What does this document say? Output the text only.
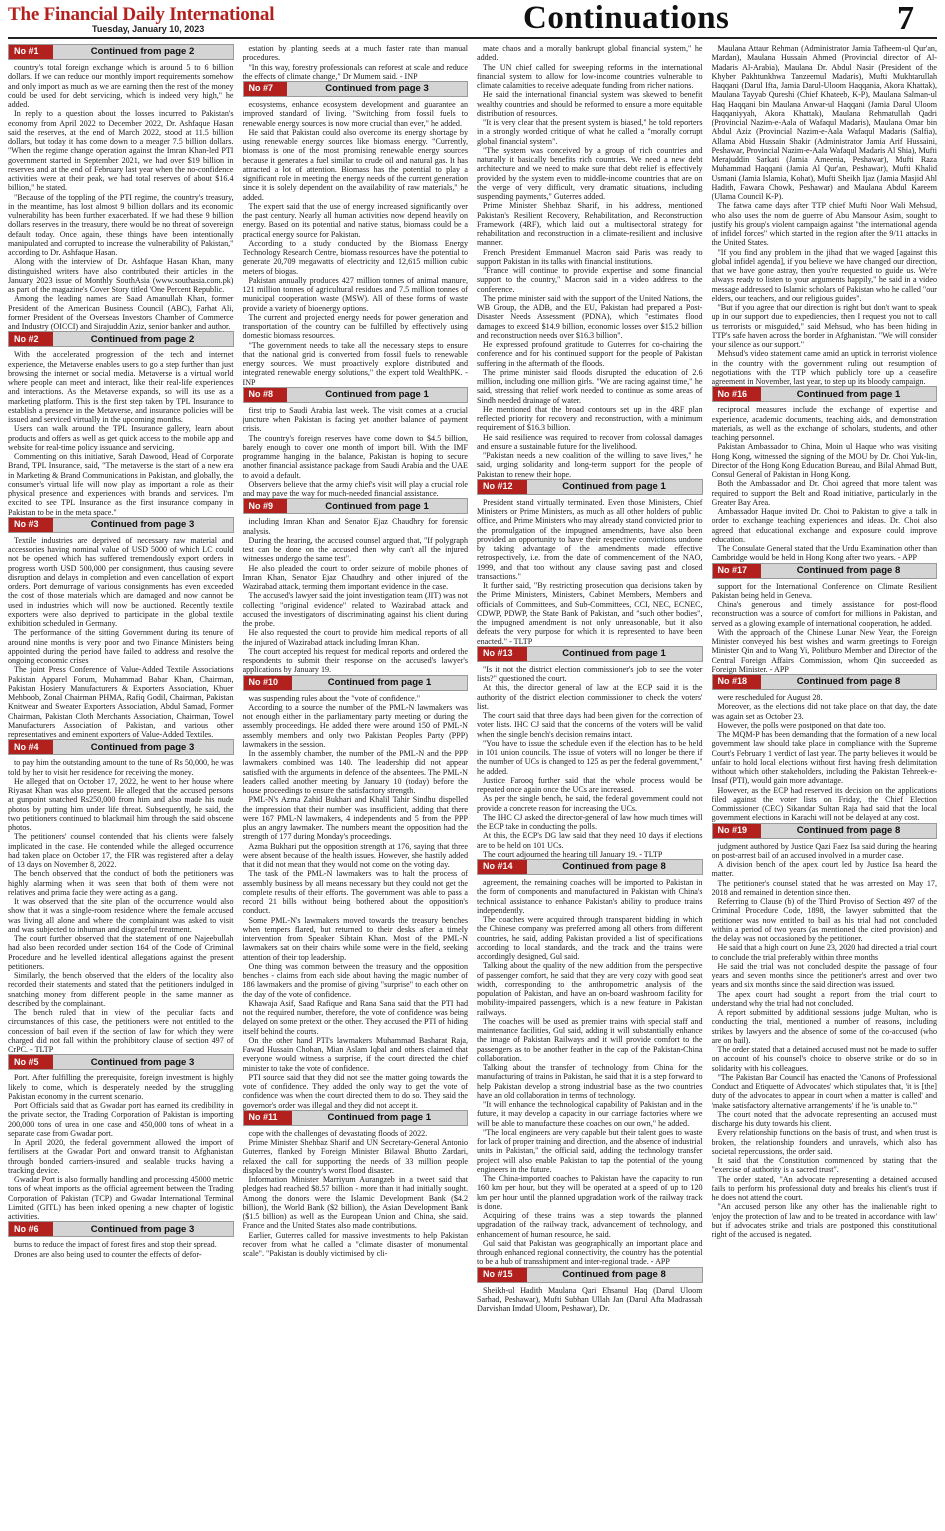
The Financial Daily International
Tuesday, January 10, 2023	Continuations	7
No #1	Continued from page 2

country's total foreign exchange which is around 5 to 6 billion dollars. If we can reduce our monthly import requirements somehow and only import as much as we are earning then the rest of the money could be used for debt servicing, which is indeed very high," he added.

In reply to a question about the losses incurred to Pakistan's economy from April 2022 to December 2022, Dr. Ashfaque Hasan said the reserves, at the end of March 2022, stood at 11.5 billion dollars, but today it has come down to a meager 7.5 billion dollars. "When the regime change operation against the Imran Khan-led PTI government started in September 2021, we had over $19 billion in reserves and at the end of February last year when the no-confidence activities were at their peak, we had total reserves of about $16.4 billion," he stated.

"Because of the toppling of the PTI regime, the country's treasury, in the meantime, has lost almost 9 billion dollars and its economic vulnerability has been further exacerbated. If we had these 9 billion dollars reserves in the treasury, there would be no threat of sovereign default today. Once again, these things have been intentionally manipulated and corrupted to increase the vulnerability of Pakistan," according to Dr. Ashfaque Hasan.

Along with the interview of Dr. Ashfaque Hasan Khan, many distinguished writers have also contributed their articles in the January 2023 issue of Monthly SouthAsia (www.southasia.com.pk) as part of the magazine's Cover Story titled 'One Percent Republic.

Among the leading names are Saad Amanullah Khan, former President of the American Business Council (ABC), Farhat Ali, former President of the Overseas Investors Chamber of Commerce and Industry (OICCI) and Sirajuddin Aziz, senior banker and author.

No #2	Continued from page 2

With the accelerated progression of the tech and internet experience, the Metaverse enables users to go a step further than just browsing the internet or social media. Metaverse is a virtual world where people can meet and interact, like their real-life experiences and interactions. As the Metaverse expands, so will its use as a marketing platform. This is the first step taken by TPL Insurance to establish a presence in the Metaverse, and insurance policies will be issued and serviced virtually in the upcoming months.

Users can walk around the TPL Insurance gallery, learn about products and offers as well as get quick access to the mobile app and website for real-time policy issuance and servicing.

Commenting on this initiative, Sarah Dawood, Head of Corporate Brand, TPL Insurance, said, "The metaverse is the start of a new era in Marketing & Brand Communications in Pakistan, and globally, the consumer's virtual life will now play as important a role as their physical presence and experiences with brands and services. I'm excited to see TPL Insurance as the first insurance company in Pakistan to be in the meta space."

No #3	Continued from page 3

Textile industries are deprived of necessary raw material and accessories having nominal value of USD 5000 of which LC could not be opened which has suffered tremendously export orders in progress worth USD 500,000 per consignment, thus causing severe disruption and delays in completion and even cancellation of export orders. Port demurrage of various consignments has even exceeded the cost of those materials which are damaged and now cannot be used in industries which will now be auctioned. Recently textile exporters were also deprived to participate in the global textile exhibition scheduled in Germany.

The performance of the sitting Government during its tenure of around nine months is very poor and two Finance Ministers being appointed during the period have failed to address and resolve the ongoing economic crises

The joint Press Conference of Value-Added Textile Associations Pakistan Apparel Forum, Muhammad Babar Khan, Chairman, Pakistan Hosiery Manufacturers & Exporters Association, Khuer Mehboob, Zonal Chairman PHMA, Rafiq Godil, Chairman, Pakistan Knitwear and Sweater Exporters Association, Abdul Samad, Former Chairman, Pakistan Cloth Merchants Association, Chairman, Towel Manufacturers Association of Pakistan, and various other representatives and eminent exporters of Value-Added Textiles.

No #4	Continued from page 3

to pay him the outstanding amount to the tune of Rs 50,000, he was told by her to visit her residence for receiving the money.

He alleged that on October 17, 2022, he went to her house where Riyasat Khan was also present. He alleged that the accused persons at gunpoint snatched Rs250,000 from him and also made his nude photos by putting him under life threat. Subsequently, he said, the two petitioners continued to blackmail him through the said obscene photos.

The petitioners' counsel contended that his clients were falsely implicated in the case. He contended while the alleged occurrence had taken place on October 17, the FIR was registered after a delay of 13 days on November 8, 2022.

The bench observed that the conduct of both the petitioners was highly alarming when it was seen that both of them were not relatives and prima facie they were acting as a gang.

It was observed that the site plan of the occurrence would also show that it was a single-room residence where the female accused was living all alone and where the complainant was asked to visit and was subjected to inhuman and disgraceful treatment.

The court further observed that the statement of one Najeebullah had also been recorded under section 164 of the Code of Criminal Procedure and he levelled identical allegations against the present petitioners.

Similarly, the bench observed that the elders of the locality also recorded their statements and stated that the petitioners indulged in snatching money from different people in the same manner as described by the complainant.

The bench ruled that in view of the peculiar facts and circumstances of this case, the petitioners were not entitled to the concession of bail even if the section of law for which they were charged did not fall within the prohibitory clause of section 497 of CrPC. - TLTP

No #5	Continued from page 3

Port. After fulfilling the prerequisite, foreign investment is highly likely to come, which is desperately needed by the struggling Pakistan economy in the current scenario.

Port Officials said that as Gwadar port has earned its credibility in the private sector, the Trading Corporation of Pakistan is importing 200,000 tons of urea in one case and 450,000 tons of wheat in a separate case from Gwadar port.

In April 2020, the federal government allowed the import of fertilisers at the Gwadar Port and onward transit to Afghanistan through bonded carriers-insured and sealable trucks having a tracking device.

Gwadar Port is also formally handling and processing 45000 metric tons of wheat imports as the official agreement between the Trading Corporation of Pakistan (TCP) and Gwadar International Terminal Limited (GITL) has been inked opening a new chapter of logistic activities.

No #6	Continued from page 3

burns to reduce the impact of forest fires and stop their spread.

Drones are also being used to counter the effects of defor-

estation by planting seeds at a much faster rate than manual procedures.

"In this way, forestry professionals can reforest at scale and reduce the effects of climate change," Dr Mumem said. - INP

No #7	Continued from page 3

ecosystems, enhance ecosystem development and guarantee an improved standard of living. "Switching from fossil fuels to renewable energy sources is now more crucial than ever," he added.

He said that Pakistan could also overcome its energy shortage by using renewable energy sources like biomass energy. "Currently, biomass is one of the most promising renewable energy sources because it generates a fuel similar to crude oil and natural gas. It has attracted a lot of attention. Biomass has the potential to play a significant role in meeting the energy needs of the current generation since it is solely dependent on the availability of raw materials," he added.

The expert said that the use of energy increased significantly over the past century. Nearly all human activities now depend heavily on energy. Based on its potential and native status, biomass could be a practical energy source for Pakistan.

According to a study conducted by the Biomass Energy Technology Research Centre, biomass resources have the potential to generate 20,709 megawatts of electricity and 12,615 million cubic meters of biogas.

Pakistan annually produces 427 million tonnes of animal manure, 121 million tonnes of agricultural residues and 7.5 million tonnes of municipal cooperation waste (MSW). All of these forms of waste provide a variety of bioenergy options.

The current and projected energy needs for power generation and transportation of the country can be fulfilled by effectively using domestic biomass resources.

"The government needs to take all the necessary steps to ensure that the national grid is converted from fossil fuels to renewable energy sources. We must proactively explore distributed and integrated renewable energy solutions," the expert told WealthPK. - INP

No #8	Continued from page 1

first trip to Saudi Arabia last week. The visit comes at a crucial juncture when Pakistan is facing yet another balance of payment crisis.

The country's foreign reserves have come down to $4.5 billion, barely enough to cover one month of import bill. With the IMF programme hanging in the balance, Pakistan is hoping to secure another financial assistance package from Saudi Arabia and the UAE to avoid a default.

Observers believe that the army chief's visit will play a crucial role and may pave the way for much-needed financial assistance.

No #9	Continued from page 1

including Imran Khan and Senator Ejaz Chaudhry for forensic analysis.

During the hearing, the accused counsel argued that, "If polygraph test can be done on the accused then why can't all the injured witnesses undergo the same test".

He also pleaded the court to order seizure of mobile phones of Imran Khan, Senator Ejaz Chaudhry and other injured of the Wazirabad attack, terming them important evidence in the case.

The accused's lawyer said the joint investigation team (JIT) was not collecting "original evidence" related to Wazirabad attack and accused the investigators of discriminating against his client during the probe.

He also requested the court to provide him medical reports of all the injured of Wazirabad attack including Imran Khan.

The court accepted his request for medical reports and ordered the respondents to submit their response on the accused's lawyer's applications by January 19.

No #10	Continued from page 1

was suspending rules about the "vote of confidence."

According to a source the number of the PML-N lawmakers was not enough either in the parliamentary party meeting or during the assembly proceedings. He added there were around 150 of PML-N assembly members and only two Pakistan Peoples Party (PPP) lawmakers in the session.

In the assembly chamber, the number of the PML-N and the PPP lawmakers combined was 140. The leadership did not appear satisfied with the arguments in defence of the absentees. The PML-N leaders called another meeting by January 10 (today) before the house proceedings to ensure the satisfactory strength.

PML-N's Azma Zahid Bukhari and Khalil Tahir Sindhu dispelled the impression that their number was insufficient, adding that there were 167 PML-N lawmakers, 4 independents and 5 from the PPP plus an angry lawmaker. The numbers meant the opposition had the strength of 177 during Monday's proceedings.

Azma Bukhari put the opposition strength at 176, saying that three were absent because of the health issues. However, she hastily added that it did not mean that they would not come on the voting day.

The task of the PML-N lawmakers was to halt the process of assembly business by all means necessary but they could not get the complete results of their efforts. The government was able to pass a record 21 bills without being bothered about the opposition's conduct.

Some PML-N's lawmakers moved towards the treasury benches when tempers flared, but returned to their desks after a timely intervention from Speaker Sibtain Khan. Most of the PML-N lawmakers sat on their chairs while some were in the field, seeking attention of their top leadership.

One thing was common between the treasury and the opposition benches - claims from each side about having the magic number of 186 lawmakers and the promise of giving "surprise" to each other on the day of the vote of confidence.

Khawaja Asif, Saad Rafique and Rana Sana said that the PTI had not the required number, therefore, the vote of confidence was being delayed on some pretext or the other. They accused the PTI of hiding itself behind the courts.

On the other hand PTI's lawmakers Muhammad Basharat Raja, Fawad Hussain Chohan, Mian Aslam Iqbal and others claimed that everyone would witness a surprise, if the court directed the chief minister to take the vote of confidence.

PTI source said that they did not see the matter going towards the vote of confidence. They added the only way to get the vote of confidence was when the court directed them to do so. They said the governor's order was illegal and they did not accept it.

No #11	Continued from page 1

cope with the challenges of devastating floods of 2022.

Prime Minister Shehbaz Sharif and UN Secretary-General Antonio Guterres, flanked by Foreign Minister Bilawal Bhutto Zardari, relaxed the call for supporting the needs of 33 million people displaced by the country's worst flood disaster.

Information Minister Marriyum Aurangzeb in a tweet said that pledges had reached $8.57 billion - more than it had initially sought. Among the donors were the Islamic Development Bank ($4.2 billion), the World Bank ($2 billion), the Asian Development Bank ($1.5 billion) as well as the European Union and China, she said. France and the United States also made contributions.

Earlier, Guterres called for massive investments to help Pakistan recover from what he called a "climate disaster of monumental scale". "Pakistan is doubly victimised by cli-

mate chaos and a morally bankrupt global financial system," he added.

The UN chief called for sweeping reforms in the international financial system to allow for low-income countries vulnerable to climate calamities to receive adequate funding from richer nations.

He said the international financial system was skewed to benefit wealthy countries and should be reformed to ensure a more equitable distribution of resources.

"It is very clear that the present system is biased," he told reporters in a strongly worded critique of what he called a "morally corrupt global financial system".

"The system was conceived by a group of rich countries and naturally it basically benefits rich countries. We need a new debt architecture and we need to make sure that debt relief is effectively provided by the system even to middle-income countries that are on the verge of very difficult, very dramatic situations, including suspending payments," Guterres added.

Prime Minister Shehbaz Sharif, in his address, mentioned Pakistan's Resilient Recovery, Rehabilitation, and Reconstruction Framework (4RF), which laid out a multisectoral strategy for rehabilitation and reconstruction in a climate-resilient and inclusive manner.

French President Emmanuel Macron said Paris was ready to support Pakistan in its talks with financial institutions.

"France will continue to provide expertise and some financial support to the country," Macron said in a video address to the conference.

The prime minister said with the support of the United Nations, the WB Group, the ADB, and the EU, Pakistan had prepared a Post-Disaster Needs Assessment (PDNA), which "estimates flood damages to exceed $14.9 billion, economic losses over $15.2 billion and reconstruction needs over $16.3 billion".

He expressed profound gratitude to Guterres for co-chairing the conference and for his continued support for the people of Pakistan suffering in the aftermath of the floods.

The prime minister said floods disrupted the education of 2.6 million, including one million girls. "We are racing against time," he said, stressing that relief work needed to continue as some areas of Sindh needed drainage of water.

He mentioned that the broad contours set up in the 4RF plan reflected priority for recovery and reconstruction, with a minimum requirement of $16.3 billion.

He said resilience was required to recover from colossal damages and ensure a sustainable future for the livelihood.

"Pakistan needs a new coalition of the willing to save lives," he said, urging solidarity and long-term support for the people of Pakistan to renew their hope.

No #12	Continued from page 1

President stand virtually terminated. Even those Ministers, Chief Ministers or Prime Ministers, as much as all other holders of public office, and Prime Ministers who may already stand convicted prior to the promulgation of the impugned amendments, have also been provided an opportunity to have their respective convictions undone by taking advantage of the amendments made effective retrospectively, i.e. from the date of commencement of the NAO, 1999, and that too without any clause saving past and closed transactions."

It further said, "By restricting prosecution qua decisions taken by the Prime Ministers, Ministers, Cabinet Members, Members and officials of Committees, and Sub-Committees, CCI, NEC, ECNEC, CDWP, PDWP, the State Bank of Pakistan, and "such other bodies", the impugned amendment is not only unreasonable, but it also defeats the very purpose for which it is represented to have been enacted." - TLTP

No #13	Continued from page 1

"Is it not the district election commissioner's job to see the voter lists?" questioned the court.

At this, the director general of law at the ECP said it is the authority of the district election commissioner to check the voters' list.

The court said that three days had been given for the correction of voter lists. IHC CJ said that the concerns of the voters will be valid when the single bench's decision remains intact.

"You have to issue the schedule even if the election has to be held in 101 union councils. The issue of voters will no longer be there if the number of UCs is changed to 125 as per the federal government," he added.

Justice Farooq further said that the whole process would be repeated once again once the UCs are increased.

As per the single bench, he said, the federal government could not provide a concrete reason for increasing the UCs.

The IHC CJ asked the director-general of law how much times will the ECP take in conducting the polls.

At this, the ECP's DG law said that they need 10 days if elections are to be held on 101 UCs.

The court adjourned the hearing till January 19. - TLTP

No #14	Continued from page 8

agreement, the remaining coaches will be imported to Pakistan in the form of components and manufactured in Pakistan with China's technical assistance to enhance Pakistan's ability to produce trains independently.

The coaches were acquired through transparent bidding in which the Chinese company was preferred among all others from different countries, he said, adding Pakistan provided a list of specifications according to local standards, and the track and the trains were accordingly designed, Gul said.

Talking about the quality of the new addition from the perspective of passenger comfort, he said that they are very cozy with good seat width, corresponding to the anthropometric analysis of the population of Pakistan, and have an on-board washroom facility for mobility-impaired passengers, which is a new feature in Pakistan railways.

The coaches will be used as premier trains with special staff and maintenance facilities, Gul said, adding it will substantially enhance the image of Pakistan Railways and it will provide comfort to the passengers as to be another feather in the cap of the Pakistan-China collaboration.

Talking about the transfer of technology from China for the manufacturing of trains in Pakistan, he said that it is a step forward to help Pakistan develop a strong industrial base as the two countries have an old collaboration in terms of technology.

"It will enhance the technological capability of Pakistan and in the future, it may develop a capacity in our carriage factories where we will be able to manufacture these coaches on our own," he added.

"The local engineers are very capable but their talent goes to waste for lack of proper training and direction, and the absence of industrial units in Pakistan," the official said, adding the technology transfer project will also enable Pakistan to tap the potential of the young engineers in the future.

The China-imported coaches to Pakistan have the capacity to run 160 km per hour, but they will be operated at a speed of up to 120 km per hour until the planned upgradation work of the railway track is done.

Acquiring of these trains was a step towards the planned upgradation of the railway track, advancement of technology, and enhancement of human resource, he said.

Gul said that Pakistan was geographically an important place and through enhanced regional connectivity, the country has the potential to be a hub of transshipment and inter-regional trade. - APP

No #15	Continued from page 8

Sheikh-ul Hadith Maulana Qari Ehsanul Haq (Darul Uloom Sarhad, Peshawar), Mufti Subhan Ullah Jan (Darul Afta Madrassah Darvishan Imdad Uloom, Peshawar), Dr.

Maulana Attaur Rehman (Administrator Jamia Tafheem-ul Qur'an, Mardan), Maulana Hussain Ahmed (Provincial director of Al-Madaris Al-Arabia), Maulana Dr. Abdul Nasir (President of the Khyber Pakhtunkhwa Tanzeemul Madaris), Mufti Mukhtarullah Haqqani (Darul Ifta, Jamia Darul-Uloom Haqqania, Akora Khattak), Maulana Tayyab Qureshi (Chief Khateeb, K-P), Maulana Salman-ul Haq Haqqani bin Maulana Anwar-ul Haqqani (Jamia Darul Uloom Haqqaniyyah, Akora Khattak), Maulana Rehmatullah Qadri (Provincial Nazim-e-Aala of Wafaqul Madaris), Maulana Omar bin Abdul Aziz (Provincial Nazim-e-Aala Wafaqul Madaris (Salfia), Allama Abid Hussain Shakir (Administrator Jamia Arif Hussaini, Peshawar, Provincial Nazim-e-Aala Wafaqul Madaris Al Shia), Mufti Merajuddin Sarkati (Jamia Ameenia, Peshawar), Mufti Raza Muhammad Haqqani (Jamia Al Qur'an, Peshawar), Mufti Khalid Usmani (Jamia Islamia, Kohat), Mufti Sheikh Ijaz (Jamia Masjid Ahl Hadith, Fawara Chowk, Peshawar) and Maulana Abdul Kareem (Ulama Council K-P).

The fatwa came days after TTP chief Mufti Noor Wali Mehsud, who also uses the nom de guerre of Abu Mansour Asim, sought to justify his group's violent campaign against "the international agenda of infidel forces" which started in the region after the 9/11 attacks in the United States.

"If you find any problem in the jihad that we waged [against this global infidel agenda], if you believe we have changed our direction, that we have gone astray, then you're requested to guide us. We're always ready to listen to your arguments happily," he said in a video message addressed to Islamic scholars of Pakistan who he called "our elders, our teachers, and our religious guides".

"But if you agree that our direction is right but don't want to speak up in our support due to expediencies, then I request you not to call us terrorists or misguided," said Mehsud, who has been hiding in TTP's safe haven across the border in Afghanistan. "We will consider your silence as our support."

Mehsud's video statement came amid an uptick in terrorist violence in the country with the government ruling out resumption of negotiations with the TTP which publicly tore up a ceasefire agreement in November, last year, to step up its bloody campaign.

No #16	Continued from page 1

reciprocal measures include the exchange of expertise and experience, academic documents, teaching aids, and demonstration materials, as well as the exchange of scholars, students, and other teaching personnel.

Pakistan Ambassador to China, Moin ul Haque who was visiting Hong Kong, witnessed the signing of the MOU by Dr. Choi Yuk-lin, Director of the Hong Kong Education Bureau, and Bilal Ahmad Butt, Consul General of Pakistan in Hong Kong.

Both the Ambassador and Dr. Choi agreed that more talent was required to support the Belt and Road initiative, particularly in the Greater Bay Area.

Ambassador Haque invited Dr. Choi to Pakistan to give a talk in order to exchange teaching experiences and ideas. Dr. Choi also agreed that educational exchange and exposure could improve education.

The Consulate General stated that the Urdu Examination other than Cambridge would be held in Hong Kong after two years. - APP

No #17	Continued from page 8

support for the International Conference on Climate Resilient Pakistan being held in Geneva.

China's generous and timely assistance for post-flood reconstruction was a source of comfort for millions in Pakistan, and served as a glowing example of international cooperation, he added.

With the approach of the Chinese Lunar New Year, the Foreign Minister conveyed his best wishes and warm greetings to Foreign Minister Qin and to Wang Yi, Politburo Member and Director of the Central Foreign Affairs Commission, whom Qin succeeded as Foreign Minister. - APP

No #18	Continued from page 8

were rescheduled for August 28.

Moreover, as the elections did not take place on that day, the date was again set as October 23.

However, the polls were postponed on that date too.

The MQM-P has been demanding that the formation of a new local government law should take place in compliance with the Supreme Court's February 1 verdict of last year. The party believes it would be unfair to hold local elections without first having fresh delimitation without which other stakeholders, including the Pakistan Tehreek-e-Insaf (PTI), would gain more advantage.

However, as the ECP had reserved its decision on the applications filed against the voter lists on Friday, the Chief Election Commissioner (CEC) Sikandar Sultan Raja had said that the local government elections in Karachi will not be delayed at any cost.

No #19	Continued from page 8

judgment authored by Justice Qazi Faez Isa said during the hearing on post-arrest bail of an accused involved in a murder case.

A division bench of the apex court led by Justice Isa heard the matter.

The petitioner's counsel stated that he was arrested on May 17, 2018 and remained in detention since then.

Referring to Clause (b) of the Third Proviso of Section 497 of the Criminal Procedure Code, 1898, the lawyer submitted that the petitioner was now entitled to bail as his trial had not concluded within a period of two years (as mentioned the cited provision) and the delay was not occasioned by the petitioner.

He said that a high court on June 23, 2020 had directed a trial court to conclude the trial preferably within three months

He said the trial was not concluded despite the passage of four years and seven months since the petitioner's arrest and over two years and six months since the said direction was issued.

The apex court had sought a report from the trial court to understand why the trial had not concluded.

A report submitted by additional sessions judge Multan, who is conducting the trial, mentioned a number of reasons, including strikes by lawyers and the absence of some of the co-accused (who are on bail).

The order stated that a detained accused must not be made to suffer on account of his counsel's choice to observe strike or do so in solidarity with his colleagues.

"The Pakistan Bar Council has enacted the 'Canons of Professional Conduct and Etiquette of Advocates' which stipulates that, 'it is [the] duty of the advocates to appear in court when a matter is called' and 'make satisfactory alternative arrangements' if he 'is unable to.'"

The court noted that the advocate representing an accused must discharge his duty towards his client.

Every relationship functions on the basis of trust, and when trust is broken, the relationship founders and unravels, which also has societal repercussions, the order said.

It said that the Constitution commenced by stating that the "exercise of authority is a sacred trust".

The order stated, "An advocate representing a detained accused fails to perform his professional duty and breaks his client's trust if he does not attend the court.

"An accused person like any other has the inalienable right to 'enjoy the protection of law and to be treated in accordance with law' but if advocates strike and trials are postponed this constitutional right of the accused is negated.
